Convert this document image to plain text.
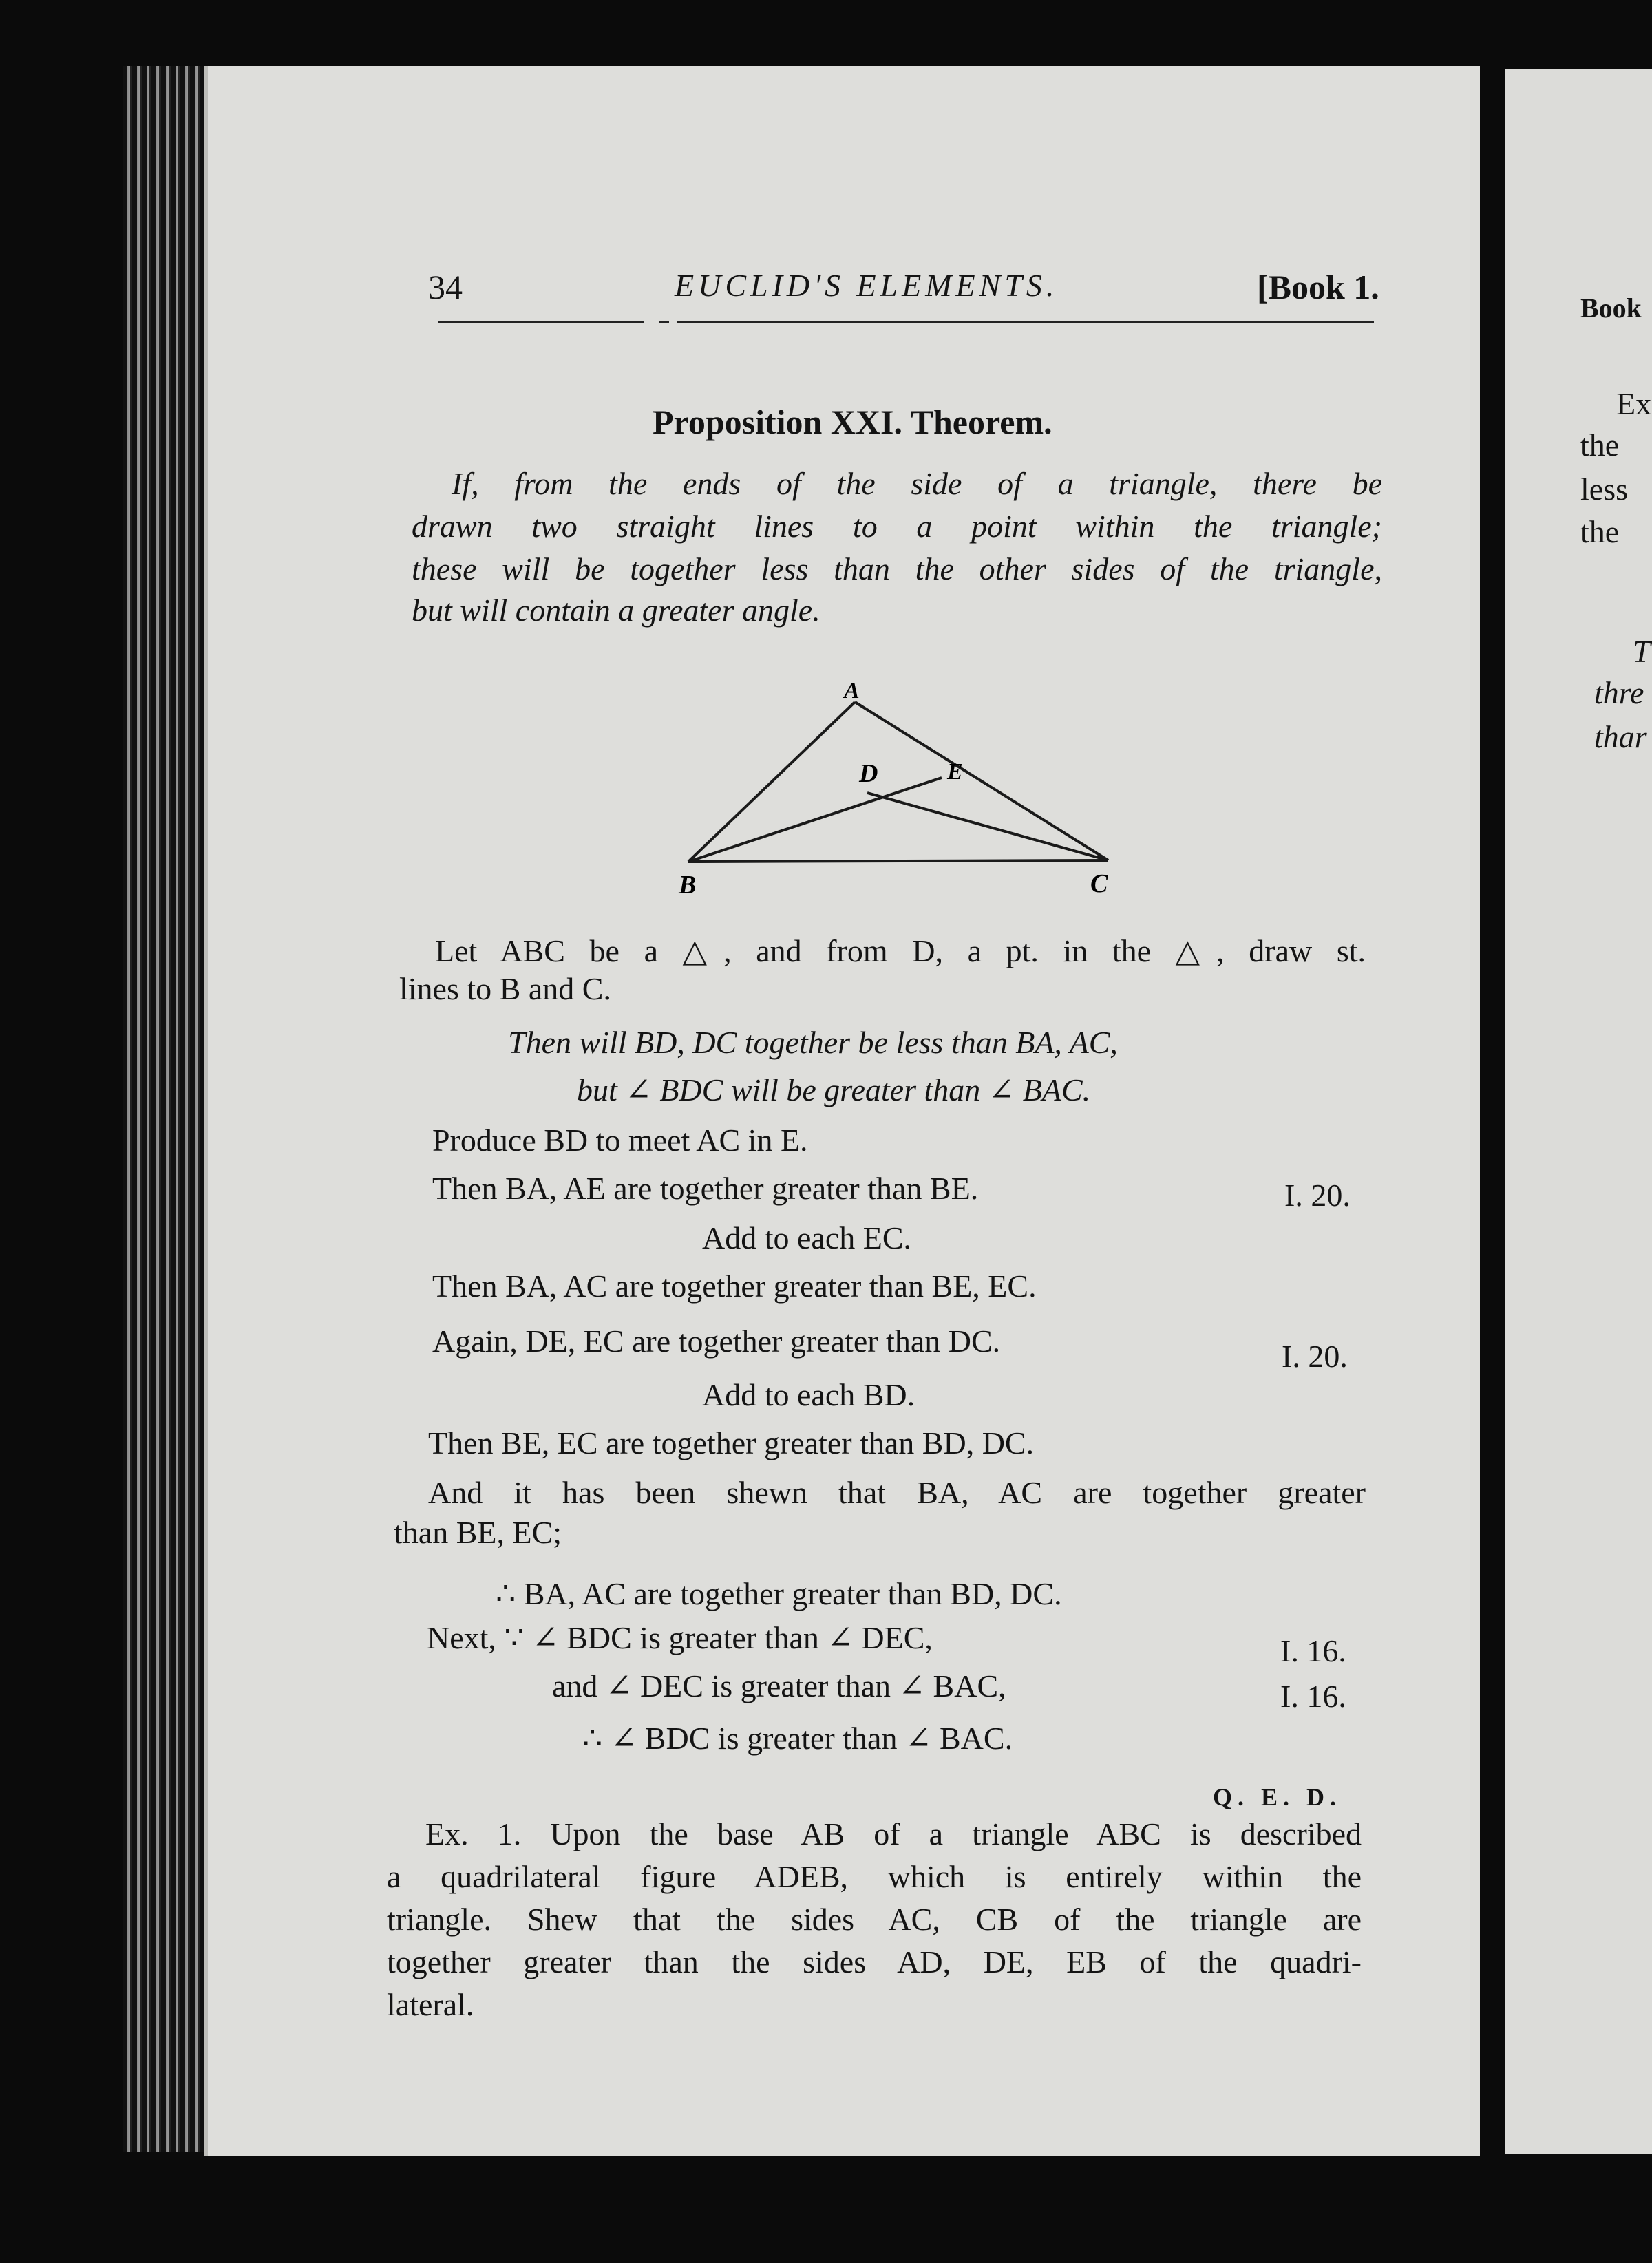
34	EUCLID'S ELEMENTS.	[Book 1.
Proposition XXI. Theorem.
If, from the ends of the side of a triangle, there be
drawn two straight lines to a point within the triangle;
these will be together less than the other sides of the triangle,
but will contain a greater angle.
A
B	C
D	E
Let ABC be a △, and from D, a pt. in the △, draw st.
lines to B and C.
Then will BD, DC together be less than BA, AC,
but ∠ BDC will be greater than ∠ BAC.
Produce BD to meet AC in E.
Then BA, AE are together greater than BE.	I. 20.
Add to each EC.
Then BA, AC are together greater than BE, EC.
Again, DE, EC are together greater than DC.	I. 20.
Add to each BD.
Then BE, EC are together greater than BD, DC.
And it has been shewn that BA, AC are together greater
than BE, EC;
∴ BA, AC are together greater than BD, DC.
Next, ∵ ∠ BDC is greater than ∠ DEC,	I. 16.
and ∠ DEC is greater than ∠ BAC,	I. 16.
∴ ∠ BDC is greater than ∠ BAC.
Q. E. D.
Ex. 1. Upon the base AB of a triangle ABC is described
a quadrilateral figure ADEB, which is entirely within the
triangle. Shew that the sides AC, CB of the triangle are
together greater than the sides AD, DE, EB of the quadri-
lateral.
Book
Ex
the
less
the
T
thre
thar
